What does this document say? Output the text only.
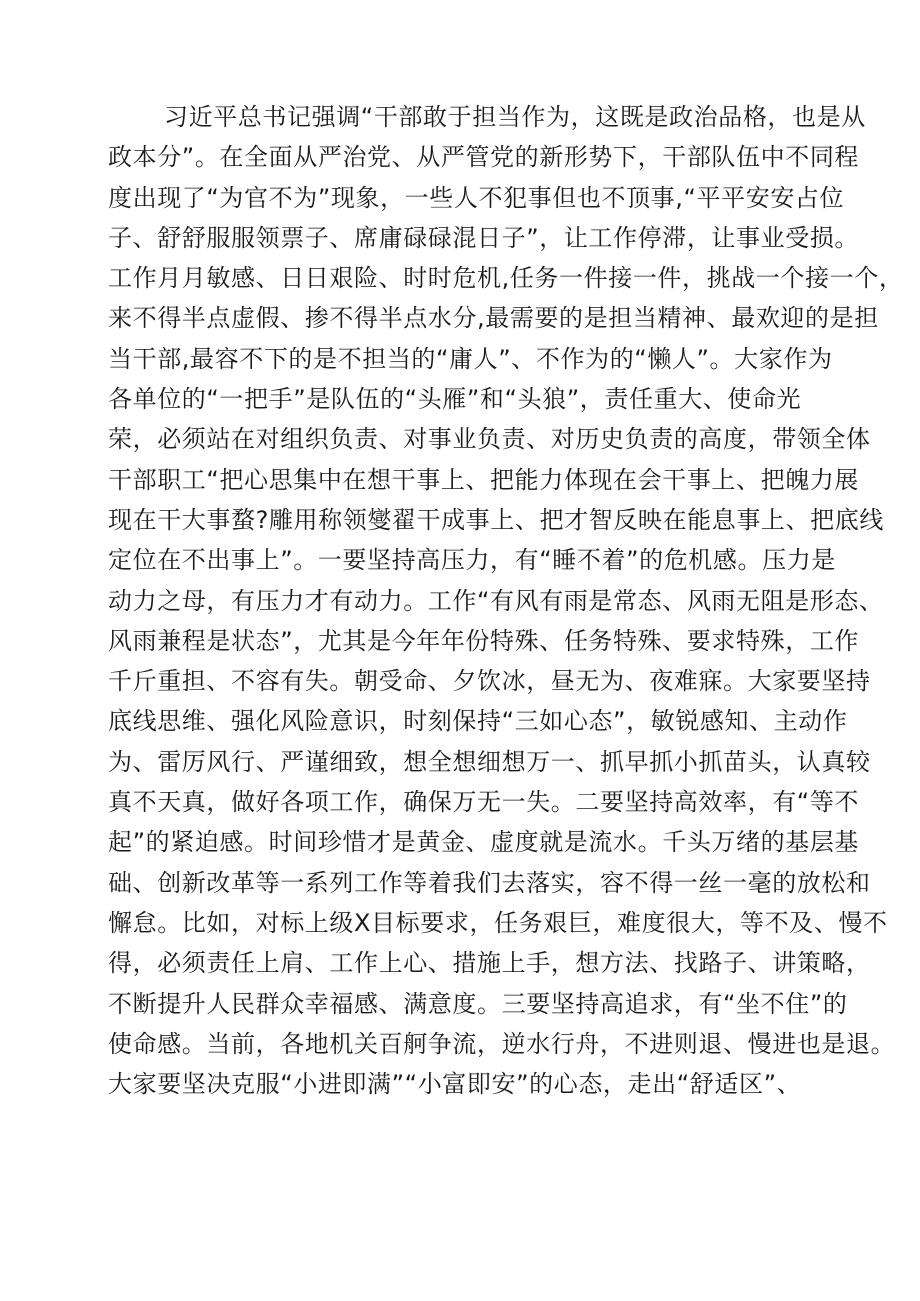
习近平总书记强调“干部敢于担当作为，这既是政治品格，也是从
政本分”。在全面从严治党、从严管党的新形势下，干部队伍中不同程
度出现了“为官不为”现象，一些人不犯事但也不顶事,“平平安安占位
子、舒舒服服领票子、席庸碌碌混日子”，让工作停滞，让事业受损。
工作月月敏感、日日艰险、时时危机,任务一件接一件，挑战一个接一个，
来不得半点虚假、掺不得半点水分,最需要的是担当精神、最欢迎的是担
当干部,最容不下的是不担当的“庸人”、不作为的“懒人”。大家作为
各单位的“一把手”是队伍的“头雁”和“头狼”，责任重大、使命光
荣，必须站在对组织负责、对事业负责、对历史负责的高度，带领全体
干部职工“把心思集中在想干事上、把能力体现在会干事上、把魄力展
现在干大事蝥?雕用称领燮翟干成事上、把才智反映在能息事上、把底线
定位在不出事上”。一要坚持高压力，有“睡不着”的危机感。压力是
动力之母，有压力才有动力。工作“有风有雨是常态、风雨无阻是形态、
风雨兼程是状态”，尤其是今年年份特殊、任务特殊、要求特殊，工作
千斤重担、不容有失。朝受命、夕饮冰，昼无为、夜难寐。大家要坚持
底线思维、强化风险意识，时刻保持“三如心态”，敏锐感知、主动作
为、雷厉风行、严谨细致，想全想细想万一、抓早抓小抓苗头，认真较
真不天真，做好各项工作，确保万无一失。二要坚持高效率，有“等不
起”的紧迫感。时间珍惜才是黄金、虚度就是流水。千头万绪的基层基
础、创新改革等一系列工作等着我们去落实，容不得一丝一毫的放松和
懈怠。比如，对标上级X目标要求，任务艰巨，难度很大，等不及、慢不
得，必须责任上肩、工作上心、措施上手，想方法、找路子、讲策略，
不断提升人民群众幸福感、满意度。三要坚持高追求，有“坐不住”的
使命感。当前，各地机关百舸争流，逆水行舟，不进则退、慢进也是退。
大家要坚决克服“小进即满”“小富即安”的心态，走出“舒适区”、
